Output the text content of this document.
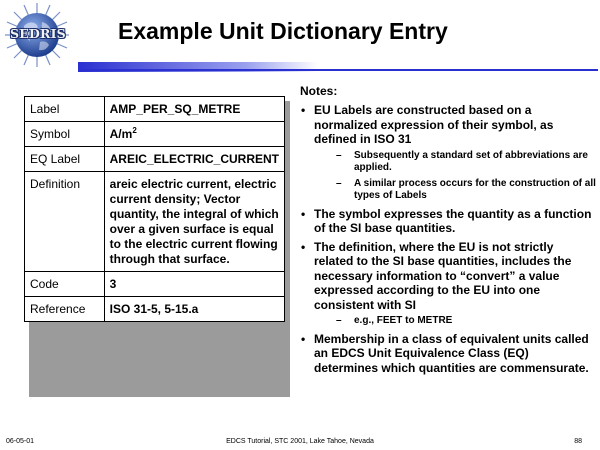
SEDRIS Example Unit Dictionary Entry
Label	AMP_PER_SQ_METRE
Symbol	$A/m^2$
EQ Label	AREIC_ELECTRIC_CURRENT
Definition	areic electric current, electric current density; Vector quantity, the integral of which over a given surface is equal to the electric current flowing through that surface.
Code	3
Reference	ISO 31-5, 5-15.a
Notes:
• EU Labels are constructed based on a normalized expression of their symbol, as defined in ISO 31
– Subsequently a standard set of abbreviations are applied.
– A similar process occurs for the construction of all types of Labels
• The symbol expresses the quantity as a function of the SI base quantities.
• The definition, where the EU is not strictly related to the SI base quantities, includes the necessary information to “convert” a value expressed according to the EU into one consistent with SI
– e.g., FEET to METRE
• Membership in a class of equivalent units called an EDCS Unit Equivalence Class (EQ) determines which quantities are commensurate.
06-05-01	EDCS Tutorial, STC 2001, Lake Tahoe, Nevada	88
